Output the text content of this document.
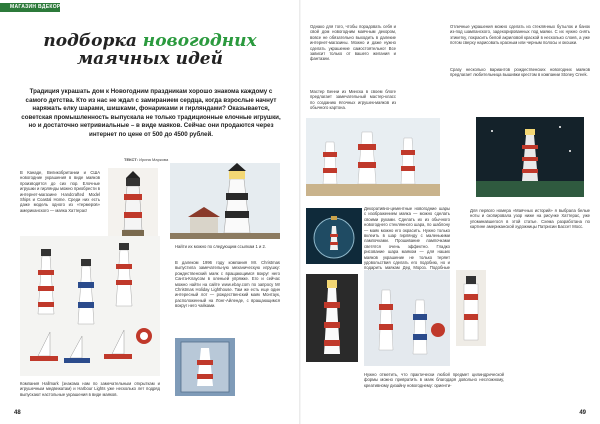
МАГАЗИН ВДЕКОРЕ
подборка новогодних
маячных идей
Традиция украшать дом к Новогодним праздникам хорошо знакома каждому с самого детства. Кто из нас не ждал с замиранием сердца, когда взрослые начнут наряжать елку шарами, шишками, фонариками и гирляндами? Оказывается, советская промышленность выпускала не только традиционные елочные игрушки, но и достаточно нетривиальные – в виде маяков. Сейчас они продаются через интернет по цене от 500 до 4500 рублей.
ТЕКСТ: Ирина Маркова
В Канаде, Великобритании и США новогодние украшения в виде маяков производятся до сих пор. Елочные игрушки и гирлянды можно приобрести в интернет-магазине Handcrafted Model Ships и Coastal Home. Среди них есть даже модель одного из «термеров» американского — маяка Хаттерас!
Найти их можно по следующим ссылкам 1 и 2.
В далеком 1996 году компания Mr. Christmas выпустила замечательную механическую игрушку: рождественский маяк с вращающимся вокруг него Санта-Клаусом в оленьей упряжке. Его и сейчас можно найти на сайте www.ebay.com по запросу Mr Christmas Holiday Lighthouse. Там же есть еще один интересный лот — рождественский маяк Монтаук, расположенный на Лонг-Айленде, с вращающимся вокруг него чайками.
Компания Hallmark (знакома нам по замечательным открыткам и игрушечным медвежатам) и Harbour Lights уже несколько лет подряд выпускают настольные украшения в виде маяков.
48
Однако для того, чтобы порадовать себя и свой дом новогодним маячным декором, вовсе не обязательно выходить в далекие интернет-магазины. Можно и даже нужно сделать украшение самостоятельно! Все зависит только от вашего желания и фантазии.
Мастер Бенни из Минска в своем блоге предлагает замечательный мастер-класс по созданию ёлочных игрушек-маяков из обычного картона.
Отличные украшения можно сделать из стеклянных бутылок и банок из-под шампанского, задекорированных под маяки. С их нужно снять этикетку, покрасить белой акриловой краской в несколько слоев, а уже потом сверху нарисовать красным или черным полосы и окошки.
Сразу несколько вариантов рождественских новогодних маяков предлагает любительница вышивки крестом в компании Stoney Creek.
Декоративно-цементные новогодние шары с изображением маяка — можно сделать своими руками. Сделать их из обычного новогоднего стеклянного шара, по шаблону — маяк можно его окрасить. Нужно только вклеить в шар гирлянду с маленькими лампочками. Прошивание лампочками светятся очень эффектно. Гладко рисование шара маяком — для наших маяков украшение не только теряет удовольствия сделать его подобию, но и подарить маякам Дед Мороз. Подобные
Для первого номера «Маячных историй» я выбрала белые ноты и скопировала узор ниже на рисунке Хаттерас, уже упоминавшегося в этой статье. Схема разработана по картине американской художницы Патрисии Бассет Мосс.
Нужно отметить, что практически любой предмет цилиндрической формы можно превратить в маяк благодаря довольно несложному, креативному дизайну новогоднему: ориенти-
49
